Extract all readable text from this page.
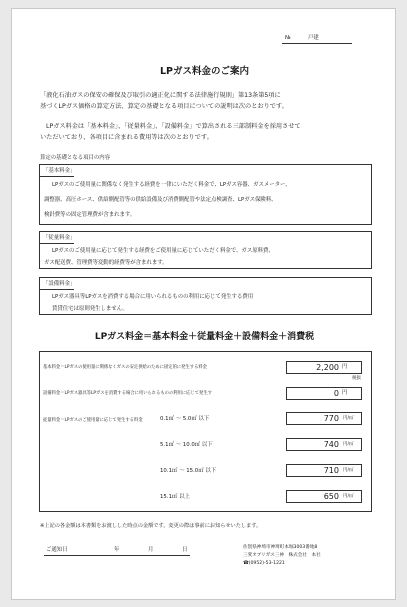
№	戸建
LPガス料金のご案内
「液化石油ガスの保安の確保及び取引の適正化に関する法律施行規則」第13条第5項に
基づくLPガス価格の算定方法、算定の基礎となる項目についての説明は次のとおりです。
LPガス料金は「基本料金」、「従量料金」、「設備料金」で算出される三部制料金を採用させて
いただいており、各項目に含まれる費用等は次のとおりです。
算定の基礎となる項目の内容
「基本料金」
LPガスのご使用量に関係なく発生する経費を一律にいただく料金で、LPガス容器、ガスメーター、
調整器、高圧ホース、供給側配管等の供給設備及び消費側配管や法定点検調査、LPガス保険料、
検針費等の固定管理費が含まれます。
「従量料金」
LPガスのご使用量に応じて発生する経費をご使用量に応じていただく料金で、ガス原料費、
ガス配送費、管理費等変動的経費等が含まれます。
「設備料金」
LPガス器具等LPガスを消費する場合に用いられるものの利用に応じて発生する費用
賃貸住宅は原則発生しません。
LPガス料金＝基本料金＋従量料金＋設備料金＋消費税
基本料金＝LPガスの使用量に関係なくガスの安定供給のために固定的に発生する料金	2,200 円
税抜
設備料金＝LPガス器具等LPガスを消費する場合に用いられるものの利用に応じて発生す	0 円
従量料金＝LPガスのご使用量に応じて発生する料金	0.1㎥ ～ 5.0㎥ 以下	770 円/㎥
5.1㎥ ～ 10.0㎥ 以下	740 円/㎥
10.1㎥ ～ 15.0㎥ 以下	710 円/㎥
15.1㎥ 以上	650 円/㎥
※上記の各金額は本書類をお渡しした時点の金額です。変更の際は事前にお知らせいたします。
ご通知日	年	月	日	佐賀県神埼市神埼町本堀3003番地8
三愛オブリガス三神　株式会社　本社
☎(0952)-53-1221
